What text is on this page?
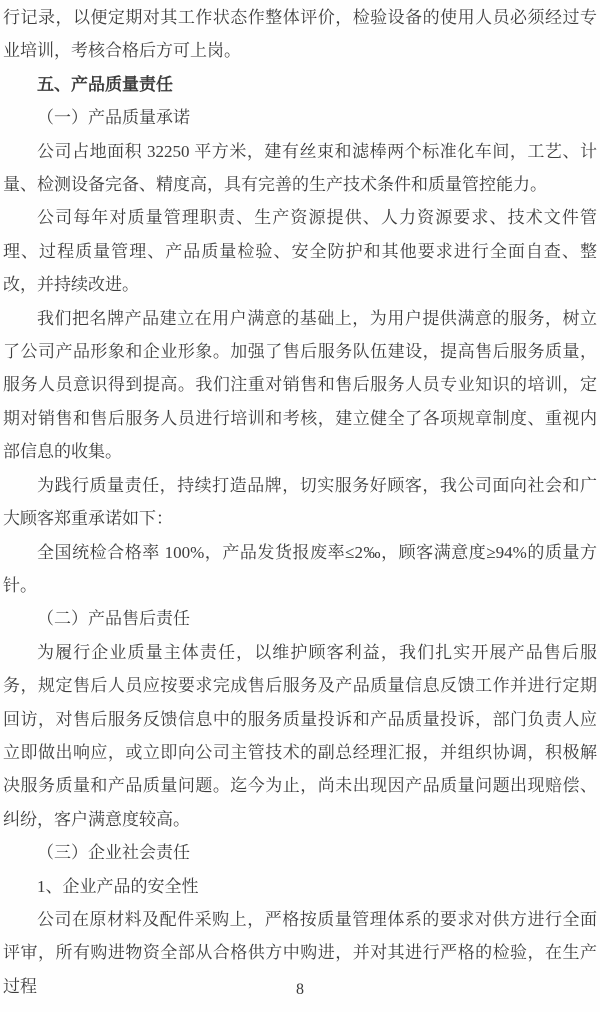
行记录，以便定期对其工作状态作整体评价，检验设备的使用人员必须经过专业培训，考核合格后方可上岗。

五、产品质量责任

（一）产品质量承诺

公司占地面积 32250 平方米，建有丝束和滤棒两个标准化车间，工艺、计量、检测设备完备、精度高，具有完善的生产技术条件和质量管控能力。

公司每年对质量管理职责、生产资源提供、人力资源要求、技术文件管理、过程质量管理、产品质量检验、安全防护和其他要求进行全面自查、整改，并持续改进。

我们把名牌产品建立在用户满意的基础上，为用户提供满意的服务，树立了公司产品形象和企业形象。加强了售后服务队伍建设，提高售后服务质量，服务人员意识得到提高。我们注重对销售和售后服务人员专业知识的培训，定期对销售和售后服务人员进行培训和考核，建立健全了各项规章制度、重视内部信息的收集。

为践行质量责任，持续打造品牌，切实服务好顾客，我公司面向社会和广大顾客郑重承诺如下：

全国统检合格率 100%，产品发货报废率≤2‰，顾客满意度≥94%的质量方针。

（二）产品售后责任

为履行企业质量主体责任，以维护顾客利益，我们扎实开展产品售后服务，规定售后人员应按要求完成售后服务及产品质量信息反馈工作并进行定期回访，对售后服务反馈信息中的服务质量投诉和产品质量投诉，部门负责人应立即做出响应，或立即向公司主管技术的副总经理汇报，并组织协调，积极解决服务质量和产品质量问题。迄今为止，尚未出现因产品质量问题出现赔偿、纠纷，客户满意度较高。

（三）企业社会责任

1、企业产品的安全性

公司在原材料及配件采购上，严格按质量管理体系的要求对供方进行全面评审，所有购进物资全部从合格供方中购进，并对其进行严格的检验，在生产过程	8
